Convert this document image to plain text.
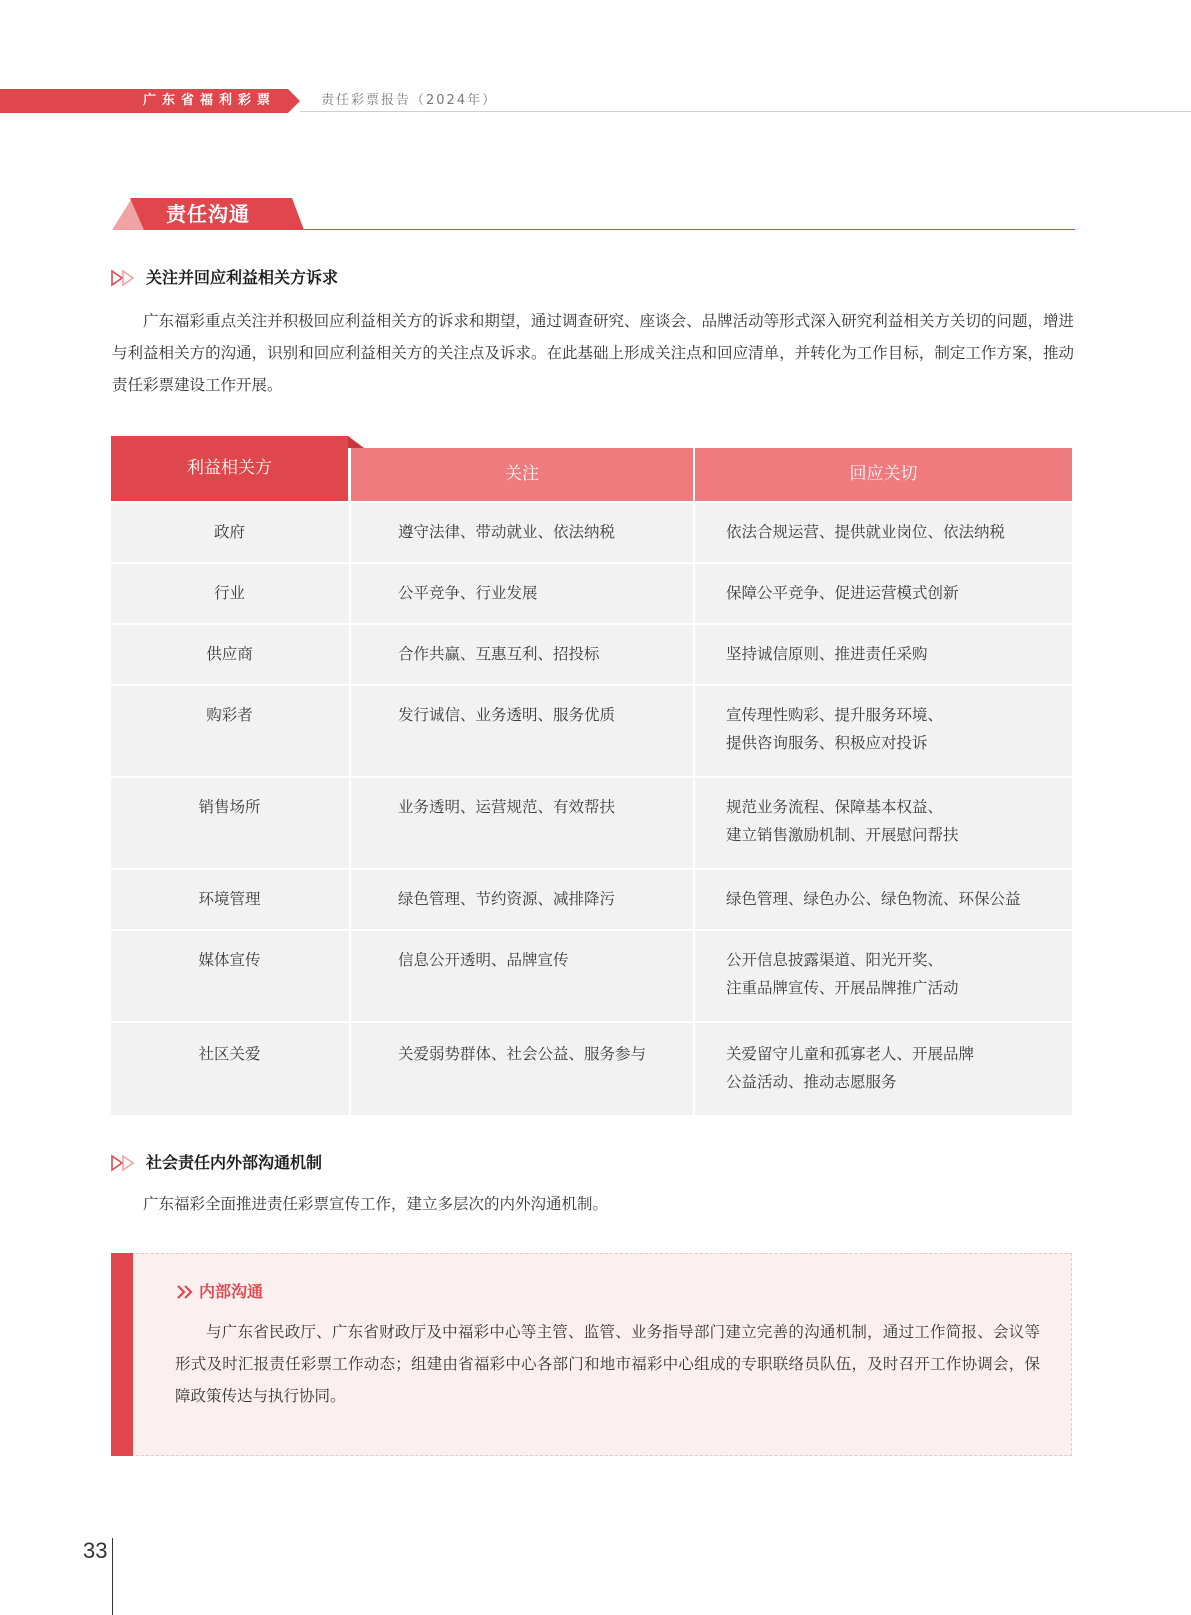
广东省福利彩票	责任彩票报告（2024年）
责任沟通
关注并回应利益相关方诉求
广东福彩重点关注并积极回应利益相关方的诉求和期望，通过调查研究、座谈会、品牌活动等形式深入研究利益相关方关切的问题，增进与利益相关方的沟通，识别和回应利益相关方的关注点及诉求。在此基础上形成关注点和回应清单，并转化为工作目标，制定工作方案，推动责任彩票建设工作开展。
利益相关方	关注	回应关切
政府	遵守法律、带动就业、依法纳税	依法合规运营、提供就业岗位、依法纳税
行业	公平竞争、行业发展	保障公平竞争、促进运营模式创新
供应商	合作共赢、互惠互利、招投标	坚持诚信原则、推进责任采购
购彩者	发行诚信、业务透明、服务优质	宣传理性购彩、提升服务环境、
提供咨询服务、积极应对投诉
销售场所	业务透明、运营规范、有效帮扶	规范业务流程、保障基本权益、
建立销售激励机制、开展慰问帮扶
环境管理	绿色管理、节约资源、减排降污	绿色管理、绿色办公、绿色物流、环保公益
媒体宣传	信息公开透明、品牌宣传	公开信息披露渠道、阳光开奖、
注重品牌宣传、开展品牌推广活动
社区关爱	关爱弱势群体、社会公益、服务参与	关爱留守儿童和孤寡老人、开展品牌
公益活动、推动志愿服务
社会责任内外部沟通机制
广东福彩全面推进责任彩票宣传工作，建立多层次的内外沟通机制。
内部沟通
与广东省民政厅、广东省财政厅及中福彩中心等主管、监管、业务指导部门建立完善的沟通机制，通过工作简报、会议等形式及时汇报责任彩票工作动态；组建由省福彩中心各部门和地市福彩中心组成的专职联络员队伍，及时召开工作协调会，保障政策传达与执行协同。
33
